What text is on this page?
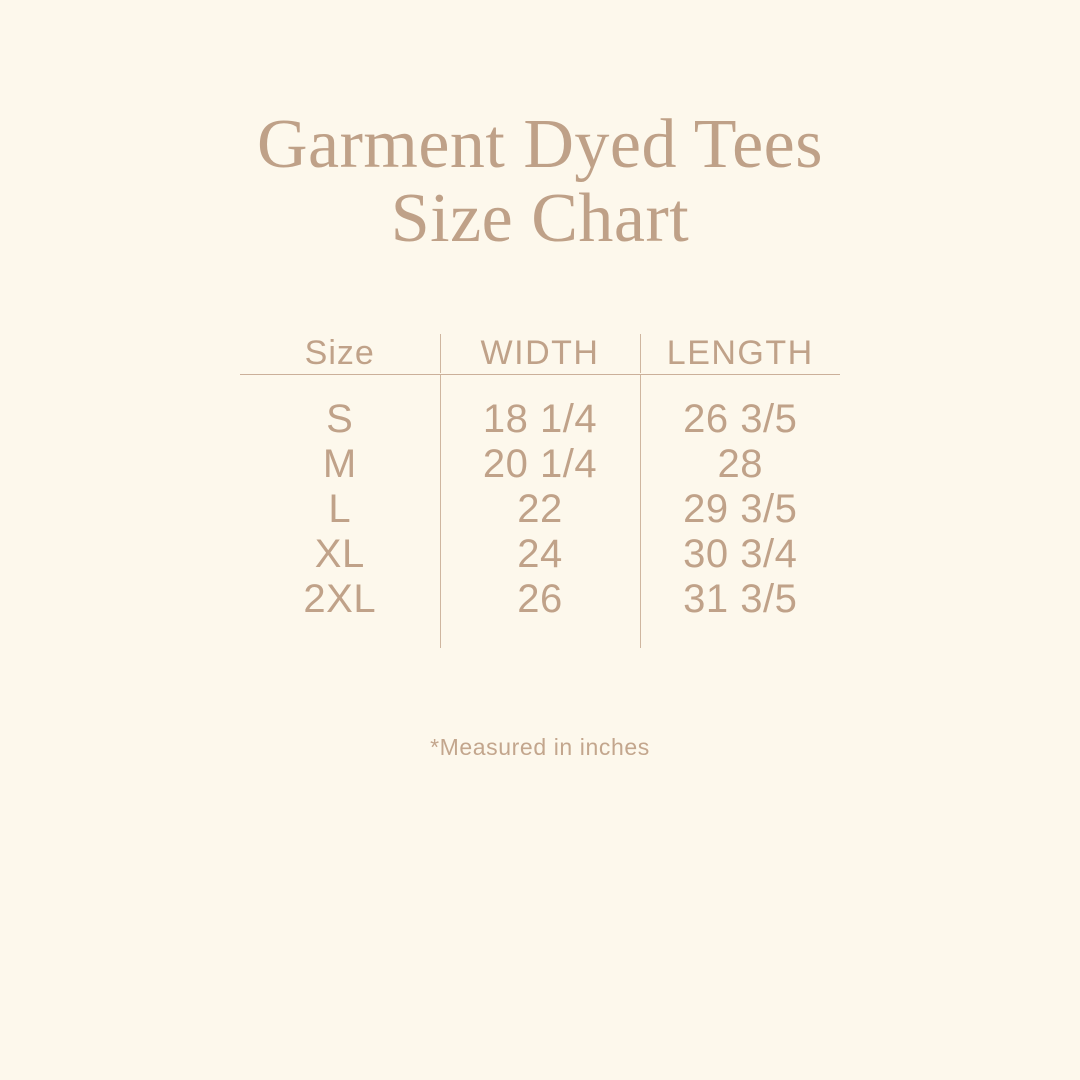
Garment Dyed Tees
Size Chart
Size	WIDTH	LENGTH

S	18 1/4	26 3/5
M	20 1/4	28
L	22	29 3/5
XL	24	30 3/4
2XL	26	31 3/5
*Measured in inches
